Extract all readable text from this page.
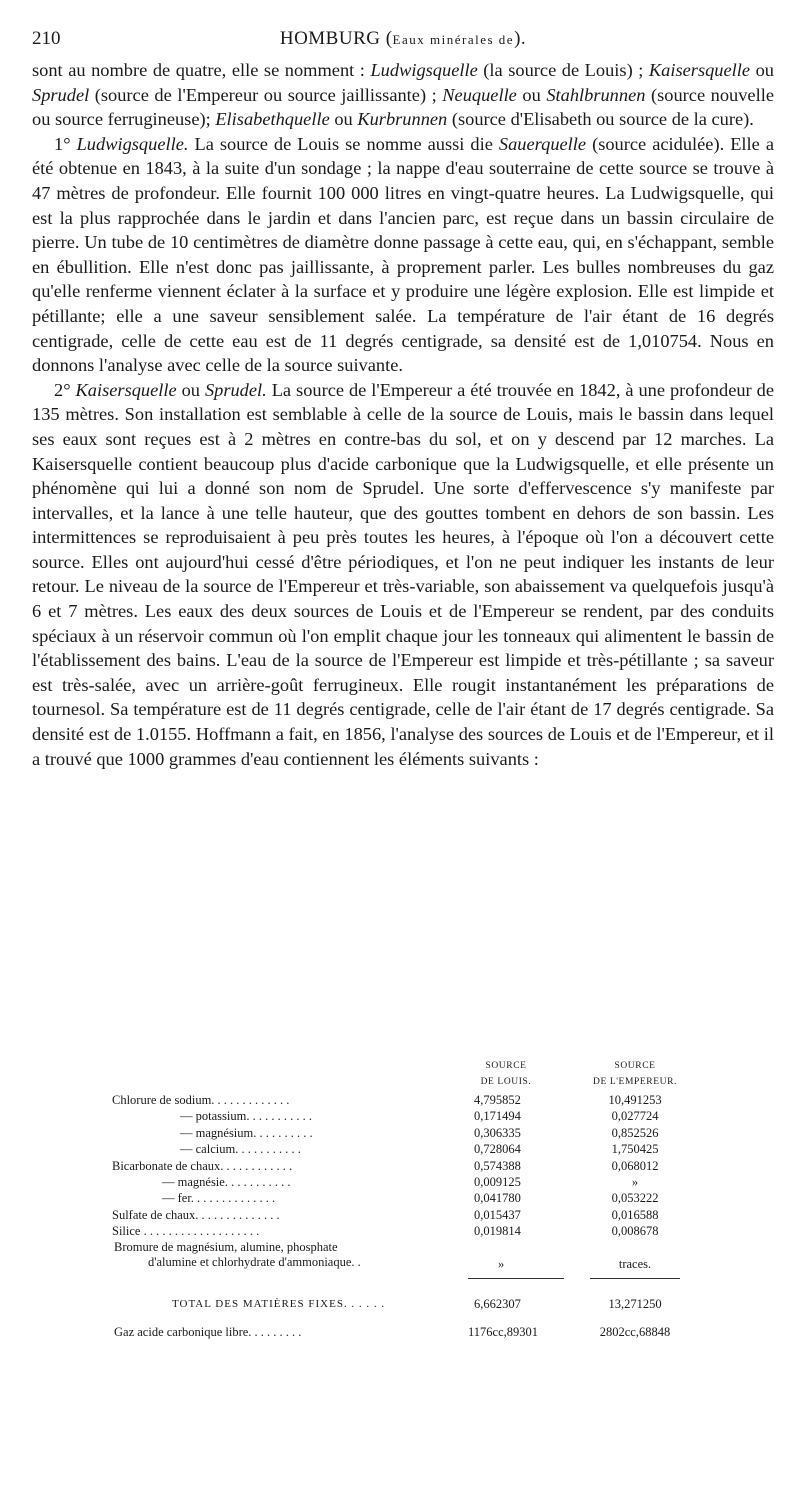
210	HOMBURG (Eaux minérales de).

sont au nombre de quatre, elle se nomment : Ludwigsquelle (la source de Louis) ; Kaisersquelle ou Sprudel (source de l'Empereur ou source jaillissante) ; Neuquelle ou Stahlbrunnen (source nouvelle ou source ferrugineuse); Elisabethquelle ou Kurbrunnen (source d'Elisabeth ou source de la cure).

1° Ludwigsquelle. La source de Louis se nomme aussi die Sauerquelle (source acidulée). Elle a été obtenue en 1843, à la suite d'un sondage ; la nappe d'eau souterraine de cette source se trouve à 47 mètres de profondeur. Elle fournit 100 000 litres en vingt-quatre heures. La Ludwigsquelle, qui est la plus rapprochée dans le jardin et dans l'ancien parc, est reçue dans un bassin circulaire de pierre. Un tube de 10 centimètres de diamètre donne passage à cette eau, qui, en s'échappant, semble en ébullition. Elle n'est donc pas jaillissante, à proprement parler. Les bulles nombreuses du gaz qu'elle renferme viennent éclater à la surface et y produire une légère explosion. Elle est limpide et pétillante; elle a une saveur sensiblement salée. La température de l'air étant de 16 degrés centigrade, celle de cette eau est de 11 degrés centigrade, sa densité est de 1,010754. Nous en donnons l'analyse avec celle de la source suivante.

2° Kaisersquelle ou Sprudel. La source de l'Empereur a été trouvée en 1842, à une profondeur de 135 mètres. Son installation est semblable à celle de la source de Louis, mais le bassin dans lequel ses eaux sont reçues est à 2 mètres en contre-bas du sol, et on y descend par 12 marches. La Kaisersquelle contient beaucoup plus d'acide carbonique que la Ludwigsquelle, et elle présente un phénomène qui lui a donné son nom de Sprudel. Une sorte d'effervescence s'y manifeste par intervalles, et la lance à une telle hauteur, que des gouttes tombent en dehors de son bassin. Les intermittences se reproduisaient à peu près toutes les heures, à l'époque où l'on a découvert cette source. Elles ont aujourd'hui cessé d'être périodiques, et l'on ne peut indiquer les instants de leur retour. Le niveau de la source de l'Empereur et très-variable, son abaissement va quelquefois jusqu'à 6 et 7 mètres. Les eaux des deux sources de Louis et de l'Empereur se rendent, par des conduits spéciaux à un réservoir commun où l'on emplit chaque jour les tonneaux qui alimentent le bassin de l'établissement des bains. L'eau de la source de l'Empereur est limpide et très-pétillante ; sa saveur est très-salée, avec un arrière-goût ferrugineux. Elle rougit instantanément les préparations de tournesol. Sa température est de 11 degrés centigrade, celle de l'air étant de 17 degrés centigrade. Sa densité est de 1.0155. Hoffmann a fait, en 1856, l'analyse des sources de Louis et de l'Empereur, et il a trouvé que 1000 grammes d'eau contiennent les éléments suivants :

SOURCE
DE LOUIS.
SOURCE
DE L'EMPEREUR.
Chlorure de sodium. . . . . . . . . . . . .	4,795852	10,491253
— potassium. . . . . . . . . . .	0,171494	0,027724
— magnésium. . . . . . . . . .	0,306335	0,852526
— calcium. . . . . . . . . . .	0,728064	1,750425
Bicarbonate de chaux. . . . . . . . . . . .	0,574388	0,068012
— magnésie. . . . . . . . . . .	0,009125	»
— fer. . . . . . . . . . . . . .	0,041780	0,053222
Sulfate de chaux. . . . . . . . . . . . . .	0,015437	0,016588
Silice . . . . . . . . . . . . . . . . . . .	0,019814	0,008678
Bromure de magnésium, alumine, phosphate
d'alumine et chlorhydrate d'ammoniaque. .	»	traces.
TOTAL DES MATIÈRES FIXES. . . . . .	6,662307	13,271250
Gaz acide carbonique libre. . . . . . . . .	1176cc,89301	2802cc,68848
